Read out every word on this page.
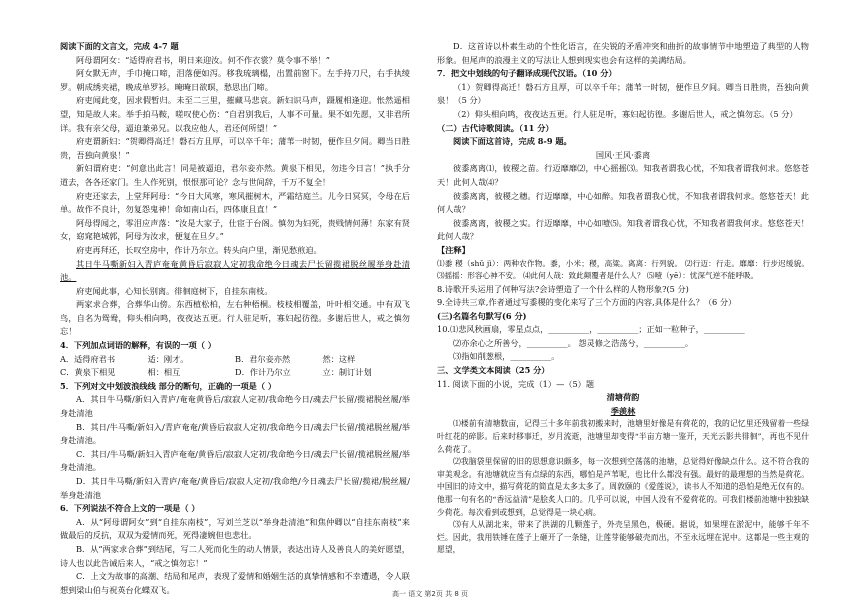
阅读下面的文言文，完成 4-7 题

阿母谓阿女：“适得府君书，明日来迎汝。何不作衣裳？莫令事不举！”

阿女默无声，手巾掩口啼，泪落便如泻。移我琉璃榻，出置前窗下。左手持刀尺，右手执绫罗。朝成绣夹裙，晚成单罗衫。晻晻日欲暝，愁思出门啼。

府吏闻此变，因求假暂归。未至二三里，摧藏马悲哀。新妇识马声，蹑履相逢迎。怅然遥相望，知是故人来。举手拍马鞍，嗟叹使心伤：“自君别我后，人事不可量。果不如先愿，又非君所详。我有亲父母，逼迫兼弟兄。以我应他人，君还何所望！”

府吏谓新妇：“贺卿得高迁！磐石方且厚，可以卒千年；蒲苇一时韧，便作旦夕间。卿当日胜贵，吾独向黄泉！”

新妇谓府吏：“何意出此言！同是被逼迫，君尔妾亦然。黄泉下相见，勿违今日言！”执手分道去，各各还家门。生人作死别，恨恨那可论？念与世间辞，千万不复全！

府吏还家去，上堂拜阿母：“今日大风寒，寒风摧树木，严霜结庭兰。儿今日冥冥，令母在后单。故作不良计，勿复怨鬼神！命如南山石，四体康且直！”

阿母得闻之，零泪应声落：“汝是大家子，仕宦于台阁。慎勿为妇死，贵贱情何薄！东家有贤女，窈窕艳城郭，阿母为汝求，便复在旦夕。”

府吏再拜还，长叹空房中，作计乃尔立。转头向户里，渐见愁煎迫。

其日牛马嘶新妇入青庐奄奄黄昏后寂寂人定初我命绝今日魂去尸长留揽裙脱丝履举身赴清池。

府吏闻此事，心知长别离。徘徊庭树下，自挂东南枝。

两家求合葬，合葬华山傍。东西植松柏，左右种梧桐。枝枝相覆盖，叶叶相交通。中有双飞鸟，自名为鸳鸯，仰头相向鸣，夜夜达五更。行人驻足听，寡妇起彷徨。多谢后世人，戒之慎勿忘！

4．下列加点词语的解释，有误的一项（ ）

A．适得府君书	适：刚才。	B．君尔妾亦然	然：这样
C．黄泉下相见	相：相互	D．作计乃尔立	立：制订计划

5．下列对文中划波浪线线 部分的断句，正确的一项是（ ）

A．其日牛马嘶/新妇入青庐/奄奄黄昏后/寂寂人定初/我命绝今日/魂去尸长留/揽裙脱丝履/举身赴清池

B．其日/牛马嘶/新妇入/青庐奄奄/黄昏后寂寂人定初/我命绝今日/魂去尸长留/揽裙脱丝履/举身赴清池。

C．其日/牛马嘶/新妇入青庐奄奄/黄昏后/寂寂人定初/我命绝今日/魂去尸长留/揽裙脱丝履/举身赴清池。

D．其日牛马嘶/新妇入青庐/奄奄/黄昏后/寂寂人定初/我命绝/今日魂去尸长留/揽裙/脱丝履/举身赴清池

6．下列说法不符合上文的一项是（ ）

A．从“阿母谓阿女”到“自挂东南枝”，写刘兰芝以“举身赴清池”和焦仲卿以“自挂东南枝”来做最后的反抗，双双为爱情而死，死得凄婉但也悲壮。

B．从“两家求合葬”到结尾，写二人死而化生的动人情景，表达出诗人及善良人的美好愿望，诗人也以此告诫后来人，“戒之慎勿忘！”

C．上文为故事的高潮、结局和尾声，表现了爱情和婚姻生活的真挚情感和不幸遭遇，令人联想到梁山伯与祝英台化蝶双飞。

D．这首诗以朴素生动的个性化语言，在尖锐的矛盾冲突和曲折的故事情节中地塑造了典型的人物形象。但尾声的浪漫主义的写法让人想到现实也会有这样的美满结局。

7．把文中划线的句子翻译成现代汉语。（10 分）

（1）贺卿得高迁！磐石方且厚，可以卒千年；蒲苇一时韧，便作旦夕间。卿当日胜贵，吾独向黄泉！（5 分）

（2）仰头相向鸣，夜夜达五更。行人驻足听，寡妇起彷徨。多谢后世人，戒之慎勿忘。（5 分）

（二）古代诗歌阅读。（11 分）

阅读下面这首诗，完成 8-9 题。

国风·王风·黍离

彼黍离离⑴，彼稷之苗。行迈靡靡⑵，中心摇摇⑶。知我者谓我心忧，不知我者谓我何求。悠悠苍天！此何人哉⑷？

彼黍离离，彼稷之穗。行迈靡靡，中心如醉。知我者谓我心忧，不知我者谓我何求。悠悠苍天！此何人哉？

彼黍离离，彼稷之实。行迈靡靡，中心如噎⑸。知我者谓我心忧，不知我者谓我何求。悠悠苍天！此何人哉？

【注释】

⑴黍 稷（shǔ jì）：两种农作物。黍，小米；稷，高粱。离离：行列貌。 ⑵行迈：行走。靡靡：行步迟缓貌。 ⑶摇摇：形容心神不安。 ⑷此何人哉：致此颠覆者是什么人？ ⑸噎（yē）：忧深气逆不能呼吸。

8.诗歌开头运用了何种写法?会诗塑造了一个什么样的人物形象?(5 分)

9.全诗共三章,作者通过写黍稷的变化来写了三个方面的内容,具体是什么？（6 分）

(三)名篇名句默写(6 分)

10.⑴悲风秋画扇，零星点点，__________，__________；正如一粒种子，__________

⑵亦余心之所善兮，__________。 怨灵修之浩荡兮，__________。

⑶指如削葱根，__________。

三、文学类文本阅读（25 分）

11. 阅读下面的小说，完成（1）—（5）题

清塘荷韵

季羡林

⑴楼前有清塘数亩，记得三十多年前我初搬来时，池塘里好像是有荷花的，我的记忆里还残留着一些绿叶红花的碎影。后来时移事迁，岁月流逝，池塘里却变得“半亩方塘一鉴开，天光云影共徘徊”，再也不见什么荷花了。

⑵我脑袋里保留的旧的思想意识颇多，每一次想到空荡荡的池塘，总觉得好像缺点什么。这不符合我的审美观念。有池塘就应当有点绿的东西，哪怕是芦苇呢，也比什么都没有强。最好的最理想的当然是荷花。中国旧的诗文中，描写荷花的简直是太多太多了。周敦颐的《爱莲说》，读书人不知道的恐怕是绝无仅有的。他那一句有名的“香远益清”是脍炙人口的。几乎可以说，中国人没有不爱荷花的。可我们楼前池塘中独独缺少荷花。每次看到或想到，总觉得是一块心病。

⑶有人从湖北来，带来了洪湖的几颗莲子，外壳呈黑色，极硬。据说，如果埋在淤泥中，能够千年不烂。因此，我用铁锤在莲子上砸开了一条缝，让莲芽能够破壳而出，不至永远埋在泥中。这都是一些主观的愿望，

高一 语文 第2页 共 8 页
